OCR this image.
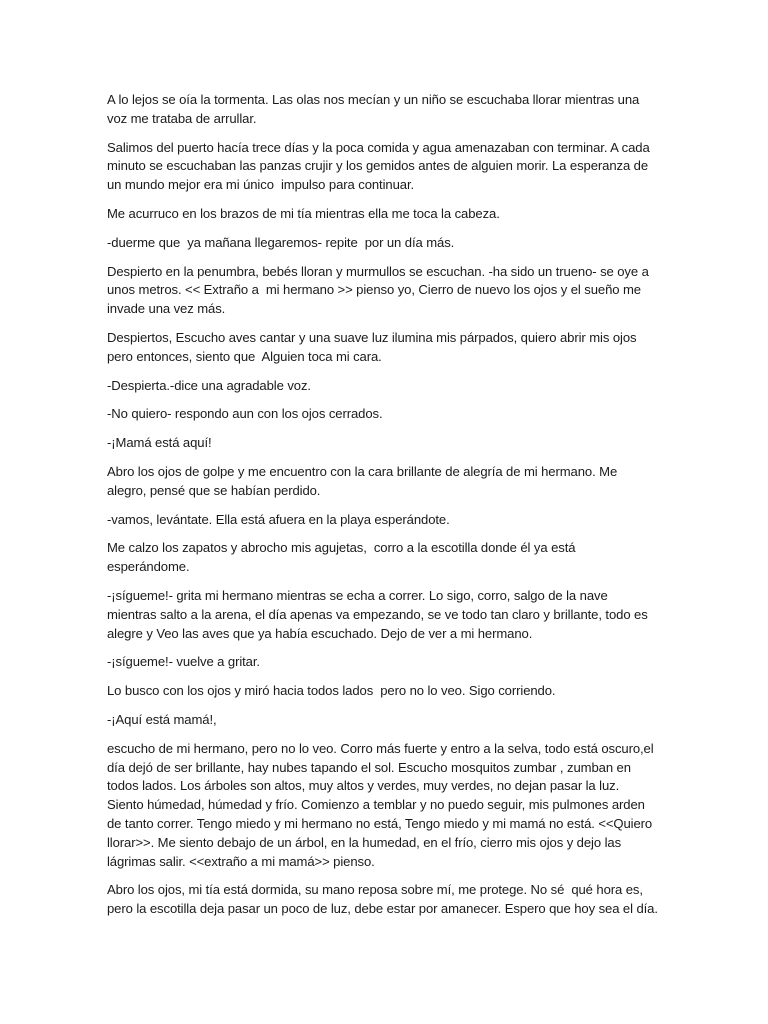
A lo lejos se oía la tormenta. Las olas nos mecían y un niño se escuchaba llorar mientras una voz me trataba de arrullar.

Salimos del puerto hacía trece días y la poca comida y agua amenazaban con terminar. A cada minuto se escuchaban las panzas crujir y los gemidos antes de alguien morir. La esperanza de un mundo mejor era mi único  impulso para continuar.

Me acurruco en los brazos de mi tía mientras ella me toca la cabeza.

-duerme que  ya mañana llegaremos- repite  por un día más.

Despierto en la penumbra, bebés lloran y murmullos se escuchan. -ha sido un trueno- se oye a unos metros. << Extraño a  mi hermano >> pienso yo, Cierro de nuevo los ojos y el sueño me invade una vez más.

Despiertos, Escucho aves cantar y una suave luz ilumina mis párpados, quiero abrir mis ojos pero entonces, siento que  Alguien toca mi cara.

-Despierta.-dice una agradable voz.

-No quiero- respondo aun con los ojos cerrados.

-¡Mamá está aquí!

Abro los ojos de golpe y me encuentro con la cara brillante de alegría de mi hermano. Me alegro, pensé que se habían perdido.

-vamos, levántate. Ella está afuera en la playa esperándote.

Me calzo los zapatos y abrocho mis agujetas,  corro a la escotilla donde él ya está esperándome.

-¡sígueme!- grita mi hermano mientras se echa a correr. Lo sigo, corro, salgo de la nave mientras salto a la arena, el día apenas va empezando, se ve todo tan claro y brillante, todo es alegre y Veo las aves que ya había escuchado. Dejo de ver a mi hermano.

-¡sígueme!- vuelve a gritar.

Lo busco con los ojos y miró hacia todos lados  pero no lo veo. Sigo corriendo.

-¡Aquí está mamá!,

escucho de mi hermano, pero no lo veo. Corro más fuerte y entro a la selva, todo está oscuro,el día dejó de ser brillante, hay nubes tapando el sol. Escucho mosquitos zumbar , zumban en todos lados. Los árboles son altos, muy altos y verdes, muy verdes, no dejan pasar la luz. Siento húmedad, húmedad y frío. Comienzo a temblar y no puedo seguir, mis pulmones arden de tanto correr. Tengo miedo y mi hermano no está, Tengo miedo y mi mamá no está. <<Quiero llorar>>. Me siento debajo de un árbol, en la humedad, en el frío, cierro mis ojos y dejo las lágrimas salir. <<extraño a mi mamá>> pienso.

Abro los ojos, mi tía está dormida, su mano reposa sobre mí, me protege. No sé  qué hora es, pero la escotilla deja pasar un poco de luz, debe estar por amanecer. Espero que hoy sea el día.
